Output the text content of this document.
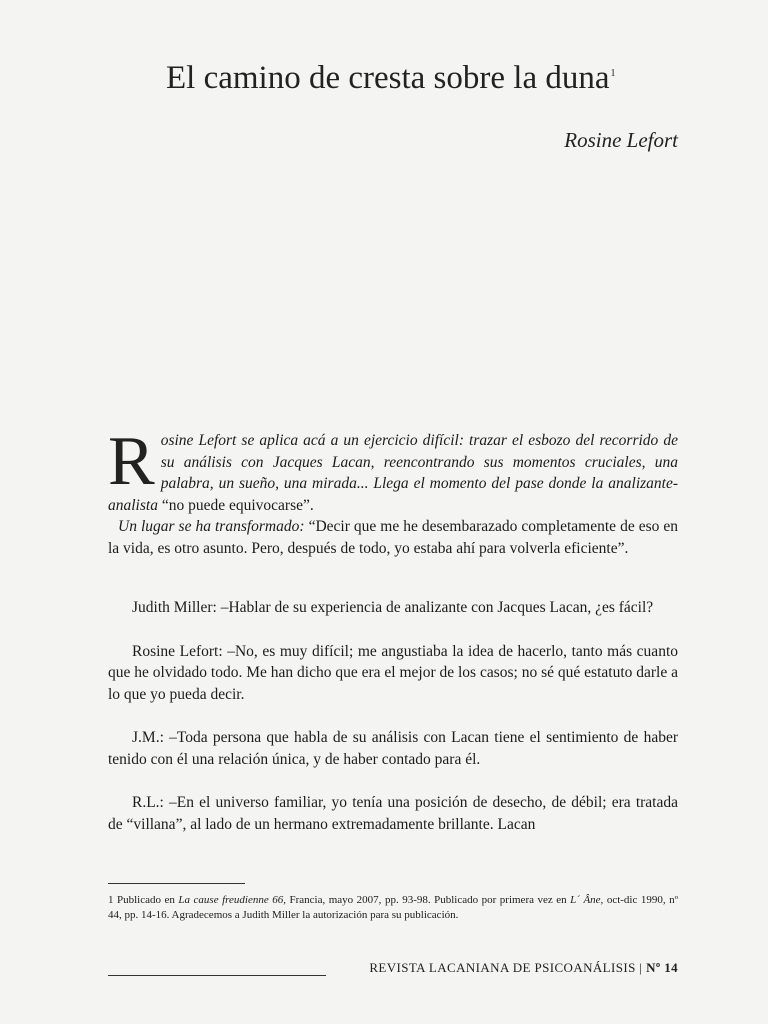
El camino de cresta sobre la duna$^1$

Rosine Lefort

Rosine Lefort se aplica acá a un ejercicio difícil: trazar el esbozo del recorrido de su análisis con Jacques Lacan, reencontrando sus momentos cruciales, una palabra, un sueño, una mirada... Llega el momento del pase donde la analizante-analista “no puede equivocarse”.

Un lugar se ha transformado: “Decir que me he desembarazado completamente de eso en la vida, es otro asunto. Pero, después de todo, yo estaba ahí para volverla eficiente”.

Judith Miller: –Hablar de su experiencia de analizante con Jacques Lacan, ¿es fácil?

Rosine Lefort: –No, es muy difícil; me angustiaba la idea de hacerlo, tanto más cuanto que he olvidado todo. Me han dicho que era el mejor de los casos; no sé qué estatuto darle a lo que yo pueda decir.

J.M.: –Toda persona que habla de su análisis con Lacan tiene el sentimiento de haber tenido con él una relación única, y de haber contado para él.

R.L.: –En el universo familiar, yo tenía una posición de desecho, de débil; era tratada de “villana”, al lado de un hermano extremadamente brillante. Lacan

1 Publicado en La cause freudienne 66, Francia, mayo 2007, pp. 93-98. Publicado por primera vez en L´ Âne, oct-dic 1990, nº 44, pp. 14-16. Agradecemos a Judith Miller la autorización para su publicación.

REVISTA LACANIANA DE PSICOANÁLISIS | Nº 14
